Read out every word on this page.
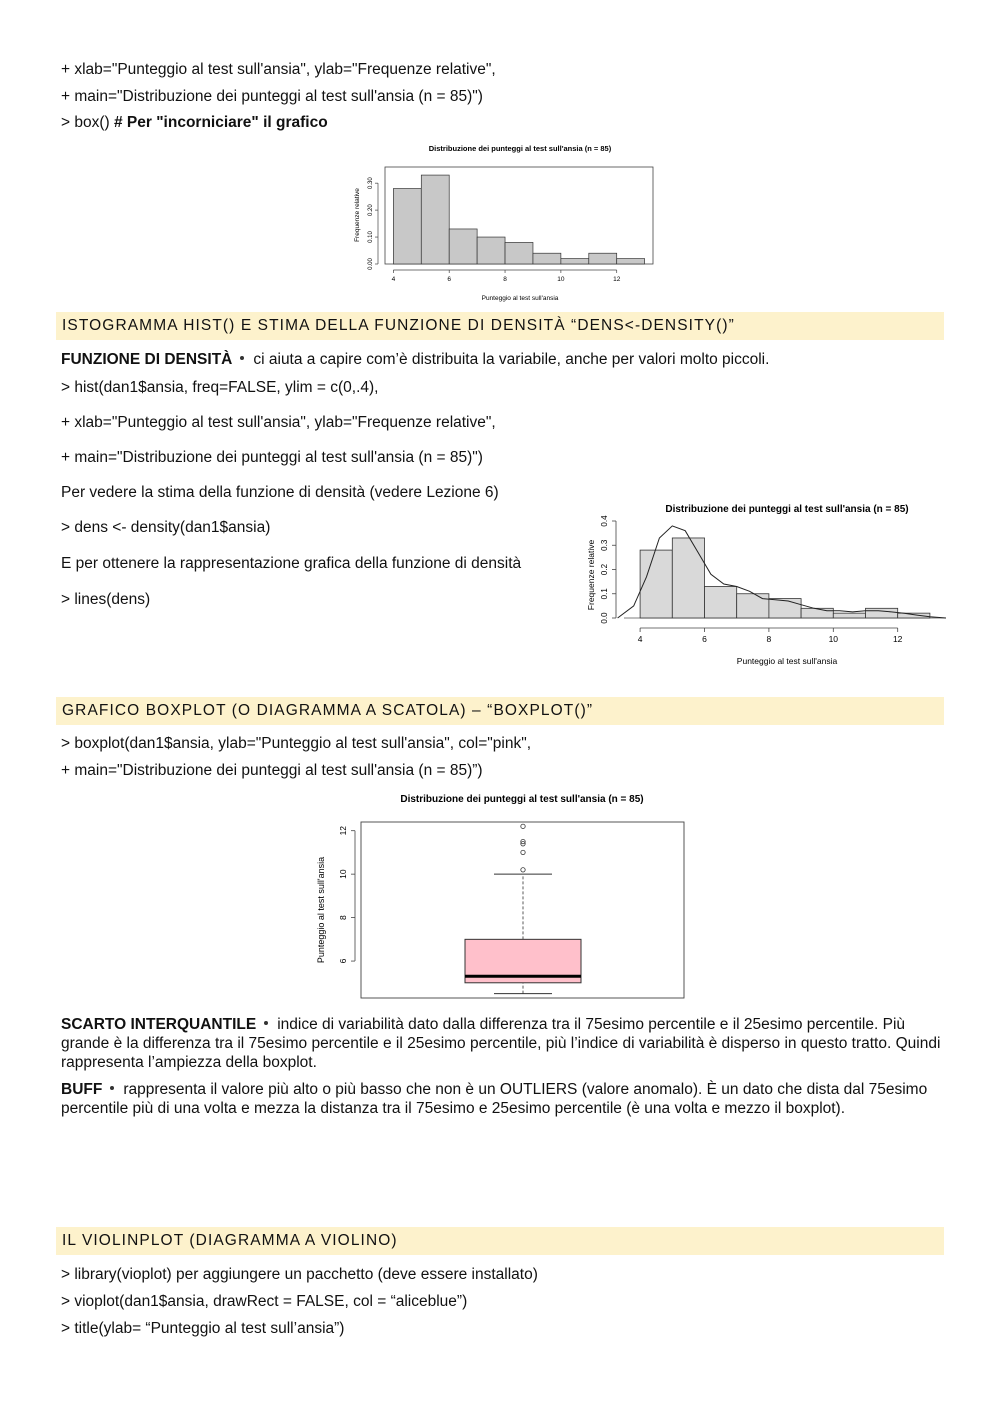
+ xlab="Punteggio al test sull'ansia", ylab="Frequenze relative",
+ main="Distribuzione dei punteggi al test sull'ansia (n = 85)")
> box() # Per "incorniciare" il grafico
Distribuzione dei punteggi al test sull'ansia (n = 85)
Frequenze relative
Punteggio al test sull'ansia
4	6	8	10	12
0.00
0.10
0.20
0.30
ISTOGRAMMA HIST() E STIMA DELLA FUNZIONE DI DENSITÀ “DENS<-DENSITY()”
FUNZIONE DI DENSITÀ ci aiuta a capire com’è distribuita la variabile, anche per valori molto piccoli.
> hist(dan1$ansia, freq=FALSE, ylim = c(0,.4),
+ xlab="Punteggio al test sull'ansia", ylab="Frequenze relative",
+ main="Distribuzione dei punteggi al test sull'ansia (n = 85)")
Per vedere la stima della funzione di densità (vedere Lezione 6)
> dens <- density(dan1$ansia)
E per ottenere la rappresentazione grafica della funzione di densità
> lines(dens)
Distribuzione dei punteggi al test sull'ansia (n = 85)
Frequenze relative
Punteggio al test sull'ansia
4	6	8	10	12
0.0
0.1
0.2
0.3
0.4
GRAFICO BOXPLOT (O DIAGRAMMA A SCATOLA) – “BOXPLOT()”
> boxplot(dan1$ansia, ylab="Punteggio al test sull'ansia", col="pink",
+ main="Distribuzione dei punteggi al test sull'ansia (n = 85)”)
Distribuzione dei punteggi al test sull'ansia (n = 85)
Punteggio al test sull'ansia 6
8
10
12
SCARTO INTERQUANTILE indice di variabilità dato dalla differenza tra il 75esimo percentile e il 25esimo percentile. Più grande è la differenza tra il 75esimo percentile e il 25esimo percentile, più l’indice di variabilità è disperso in questo tratto. Quindi rappresenta l’ampiezza della boxplot.
BUFF rappresenta il valore più alto o più basso che non è un OUTLIERS (valore anomalo). È un dato che dista dal 75esimo percentile più di una volta e mezza la distanza tra il 75esimo e 25esimo percentile (è una volta e mezzo il boxplot).
IL VIOLINPLOT (DIAGRAMMA A VIOLINO)
> library(vioplot) per aggiungere un pacchetto (deve essere installato)
> vioplot(dan1$ansia, drawRect = FALSE, col = “aliceblue”)
> title(ylab= “Punteggio al test sull’ansia”)
